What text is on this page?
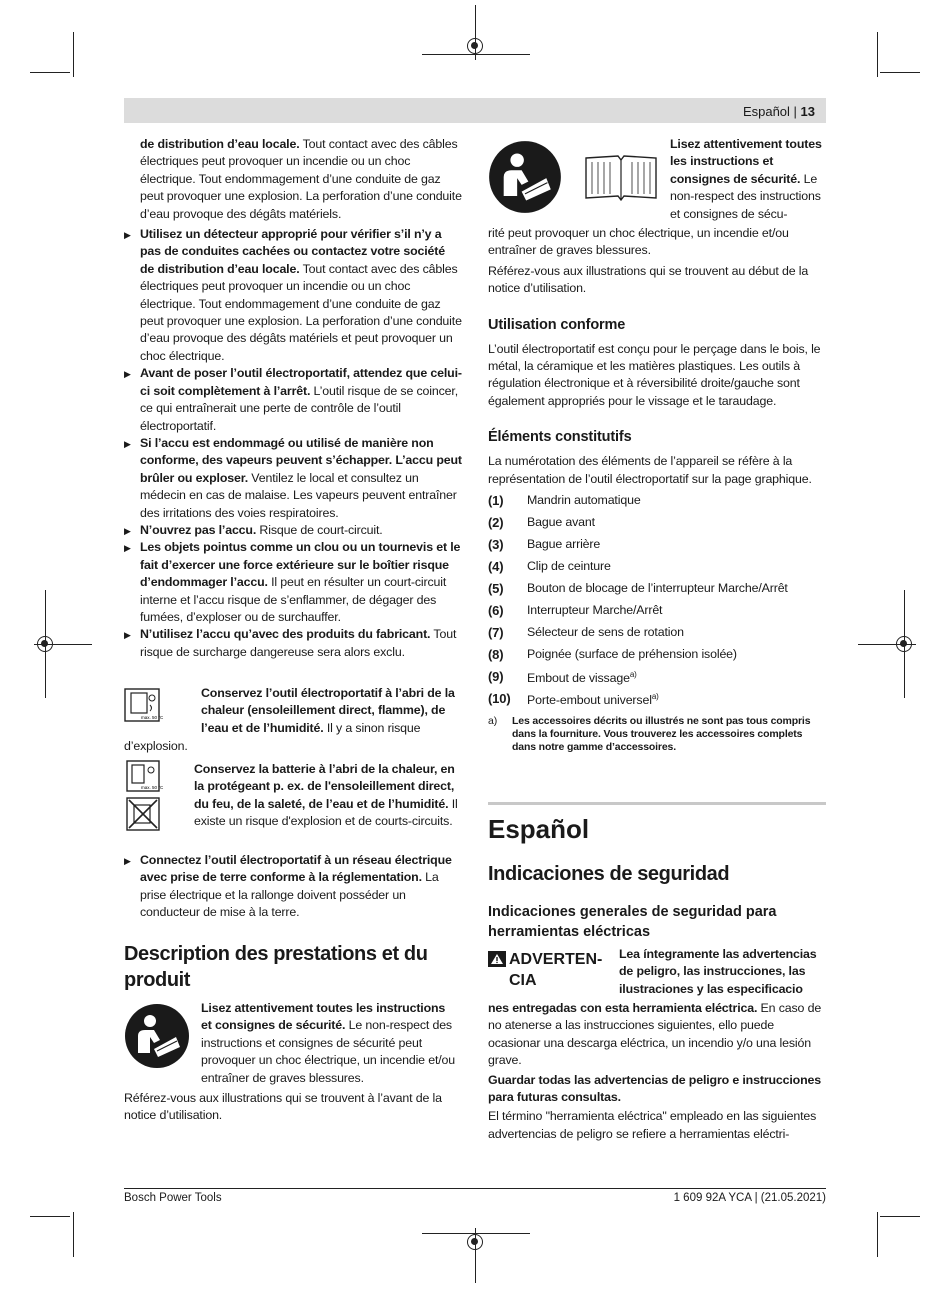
Español | 13

de distribution d’eau locale. Tout contact avec des câbles électriques peut provoquer un incendie ou un choc électrique. Tout endommagement d’une conduite de gaz peut provoquer une explosion. La perforation d’une conduite d’eau provoque des dégâts matériels.

▶ Utilisez un détecteur approprié pour vérifier s’il n’y a pas de conduites cachées ou contactez votre société de distribution d’eau locale. Tout contact avec des câbles électriques peut provoquer un incendie ou un choc électrique. Tout endommagement d’une conduite de gaz peut provoquer une explosion. La perforation d’une conduite d’eau provoque des dégâts matériels et peut provoquer un choc électrique.

▶ Avant de poser l’outil électroportatif, attendez que celui-ci soit complètement à l’arrêt. L’outil risque de se coincer, ce qui entraînerait une perte de contrôle de l’outil électroportatif.

▶ Si l’accu est endommagé ou utilisé de manière non conforme, des vapeurs peuvent s’échapper. L’accu peut brûler ou exploser. Ventilez le local et consultez un médecin en cas de malaise. Les vapeurs peuvent entraîner des irritations des voies respiratoires.

▶ N’ouvrez pas l’accu. Risque de court-circuit.

▶ Les objets pointus comme un clou ou un tournevis et le fait d’exercer une force extérieure sur le boîtier risque d’endommager l’accu. Il peut en résulter un court-circuit interne et l’accu risque de s’enflammer, de dégager des fumées, d’exploser ou de surchauffer.

▶ N’utilisez l’accu qu’avec des produits du fabricant. Tout risque de surcharge dangereuse sera alors exclu.

max. 50 °C

Conservez l’outil électroportatif à l’abri de la chaleur (ensoleillement direct, flamme), de l’eau et de l’humidité. Il y a sinon risque

d’explosion.

max. 50 °C

Conservez la batterie à l’abri de la chaleur, en la protégeant p. ex. de l'ensoleillement direct, du feu, de la saleté, de l’eau et de l’humidité. Il existe un risque d'explosion et de courts-circuits.

▶ Connectez l’outil électroportatif à un réseau électrique avec prise de terre conforme à la réglementation. La prise électrique et la rallonge doivent posséder un conducteur de mise à la terre.

Description des prestations et du produit

Lisez attentivement toutes les instructions et consignes de sécurité. Le non-respect des instructions et consignes de sécurité peut provoquer un choc électrique, un incendie et/ou entraîner de graves blessures.

Référez-vous aux illustrations qui se trouvent à l’avant de la notice d’utilisation.

Lisez attentivement toutes les instructions et consignes de sécurité. Le non-respect des instructions et consignes de sécu-

rité peut provoquer un choc électrique, un incendie et/ou entraîner de graves blessures.

Référez-vous aux illustrations qui se trouvent au début de la notice d’utilisation.

Utilisation conforme

L’outil électroportatif est conçu pour le perçage dans le bois, le métal, la céramique et les matières plastiques. Les outils à régulation électronique et à réversibilité droite/gauche sont également appropriés pour le vissage et le taraudage.

Éléments constitutifs

La numérotation des éléments de l’appareil se réfère à la représentation de l’outil électroportatif sur la page graphique.

(1)	Mandrin automatique
(2)	Bague avant
(3)	Bague arrière
(4)	Clip de ceinture
(5)	Bouton de blocage de l’interrupteur Marche/Arrêt
(6)	Interrupteur Marche/Arrêt
(7)	Sélecteur de sens de rotation
(8)	Poignée (surface de préhension isolée)
(9)	Embout de vissage$^{a)}$
(10)	Porte-embout universel$^{a)}$
a)	Les accessoires décrits ou illustrés ne sont pas tous compris dans la fourniture. Vous trouverez les accessoires complets dans notre gamme d’accessoires.
Español
Indicaciones de seguridad
Indicaciones generales de seguridad para herramientas eléctricas
ADVERTEN-CIA

Lea íntegramente las advertencias de peligro, las instrucciones, las ilustraciones y las especificacio

nes entregadas con esta herramienta eléctrica. En caso de no atenerse a las instrucciones siguientes, ello puede ocasionar una descarga eléctrica, un incendio y/o una lesión grave.

Guardar todas las advertencias de peligro e instrucciones para futuras consultas.

El término "herramienta eléctrica" empleado en las siguientes advertencias de peligro se refiere a herramientas eléctri-

Bosch Power Tools	1 609 92A YCA | (21.05.2021)
